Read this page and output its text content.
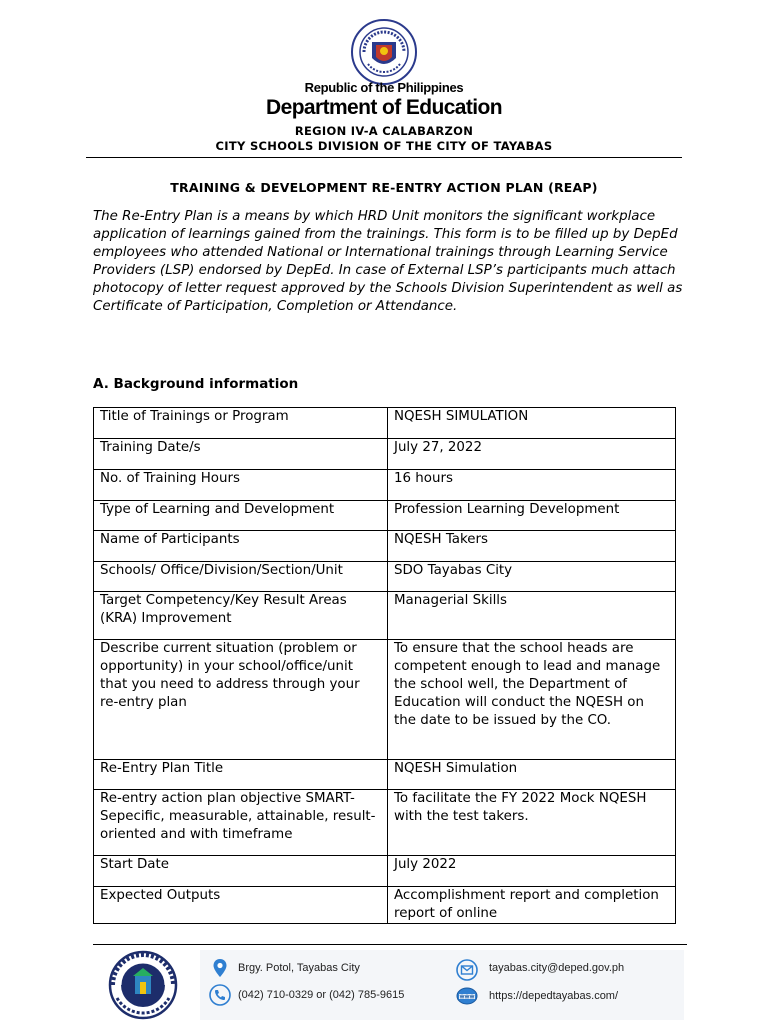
Republic of the Philippines
Department of Education
REGION IV-A CALABARZON
CITY SCHOOLS DIVISION OF THE CITY OF TAYABAS
TRAINING & DEVELOPMENT RE-ENTRY ACTION PLAN (REAP)
The Re-Entry Plan is a means by which HRD Unit monitors the significant workplace application of learnings gained from the trainings. This form is to be filled up by DepEd employees who attended National or International trainings through Learning Service Providers (LSP) endorsed by DepEd. In case of External LSP’s participants much attach photocopy of letter request approved by the Schools Division Superintendent as well as Certificate of Participation, Completion or Attendance.
A. Background information
Title of Trainings or Program	NQESH SIMULATION
Training Date/s	July 27, 2022
No. of Training Hours	16 hours
Type of Learning and Development	Profession Learning Development
Name of Participants	NQESH Takers
Schools/ Office/Division/Section/Unit	SDO Tayabas City
Target Competency/Key Result Areas (KRA) Improvement	Managerial Skills
Describe current situation (problem or opportunity) in your school/office/unit that you need to address through your re-entry plan	To ensure that the school heads are competent enough to lead and manage the school well, the Department of Education will conduct the NQESH on the date to be issued by the CO.
Re-Entry Plan Title	NQESH Simulation
Re-entry action plan objective SMART- Sepecific, measurable, attainable, result-oriented and with timeframe	To facilitate the FY 2022 Mock NQESH with the test takers.
Start Date	July 2022
Expected Outputs	Accomplishment report and completion report of online
Brgy. Potol, Tayabas City
(042) 710-0329 or (042) 785-9615
tayabas.city@deped.gov.ph
https://depedtayabas.com/
